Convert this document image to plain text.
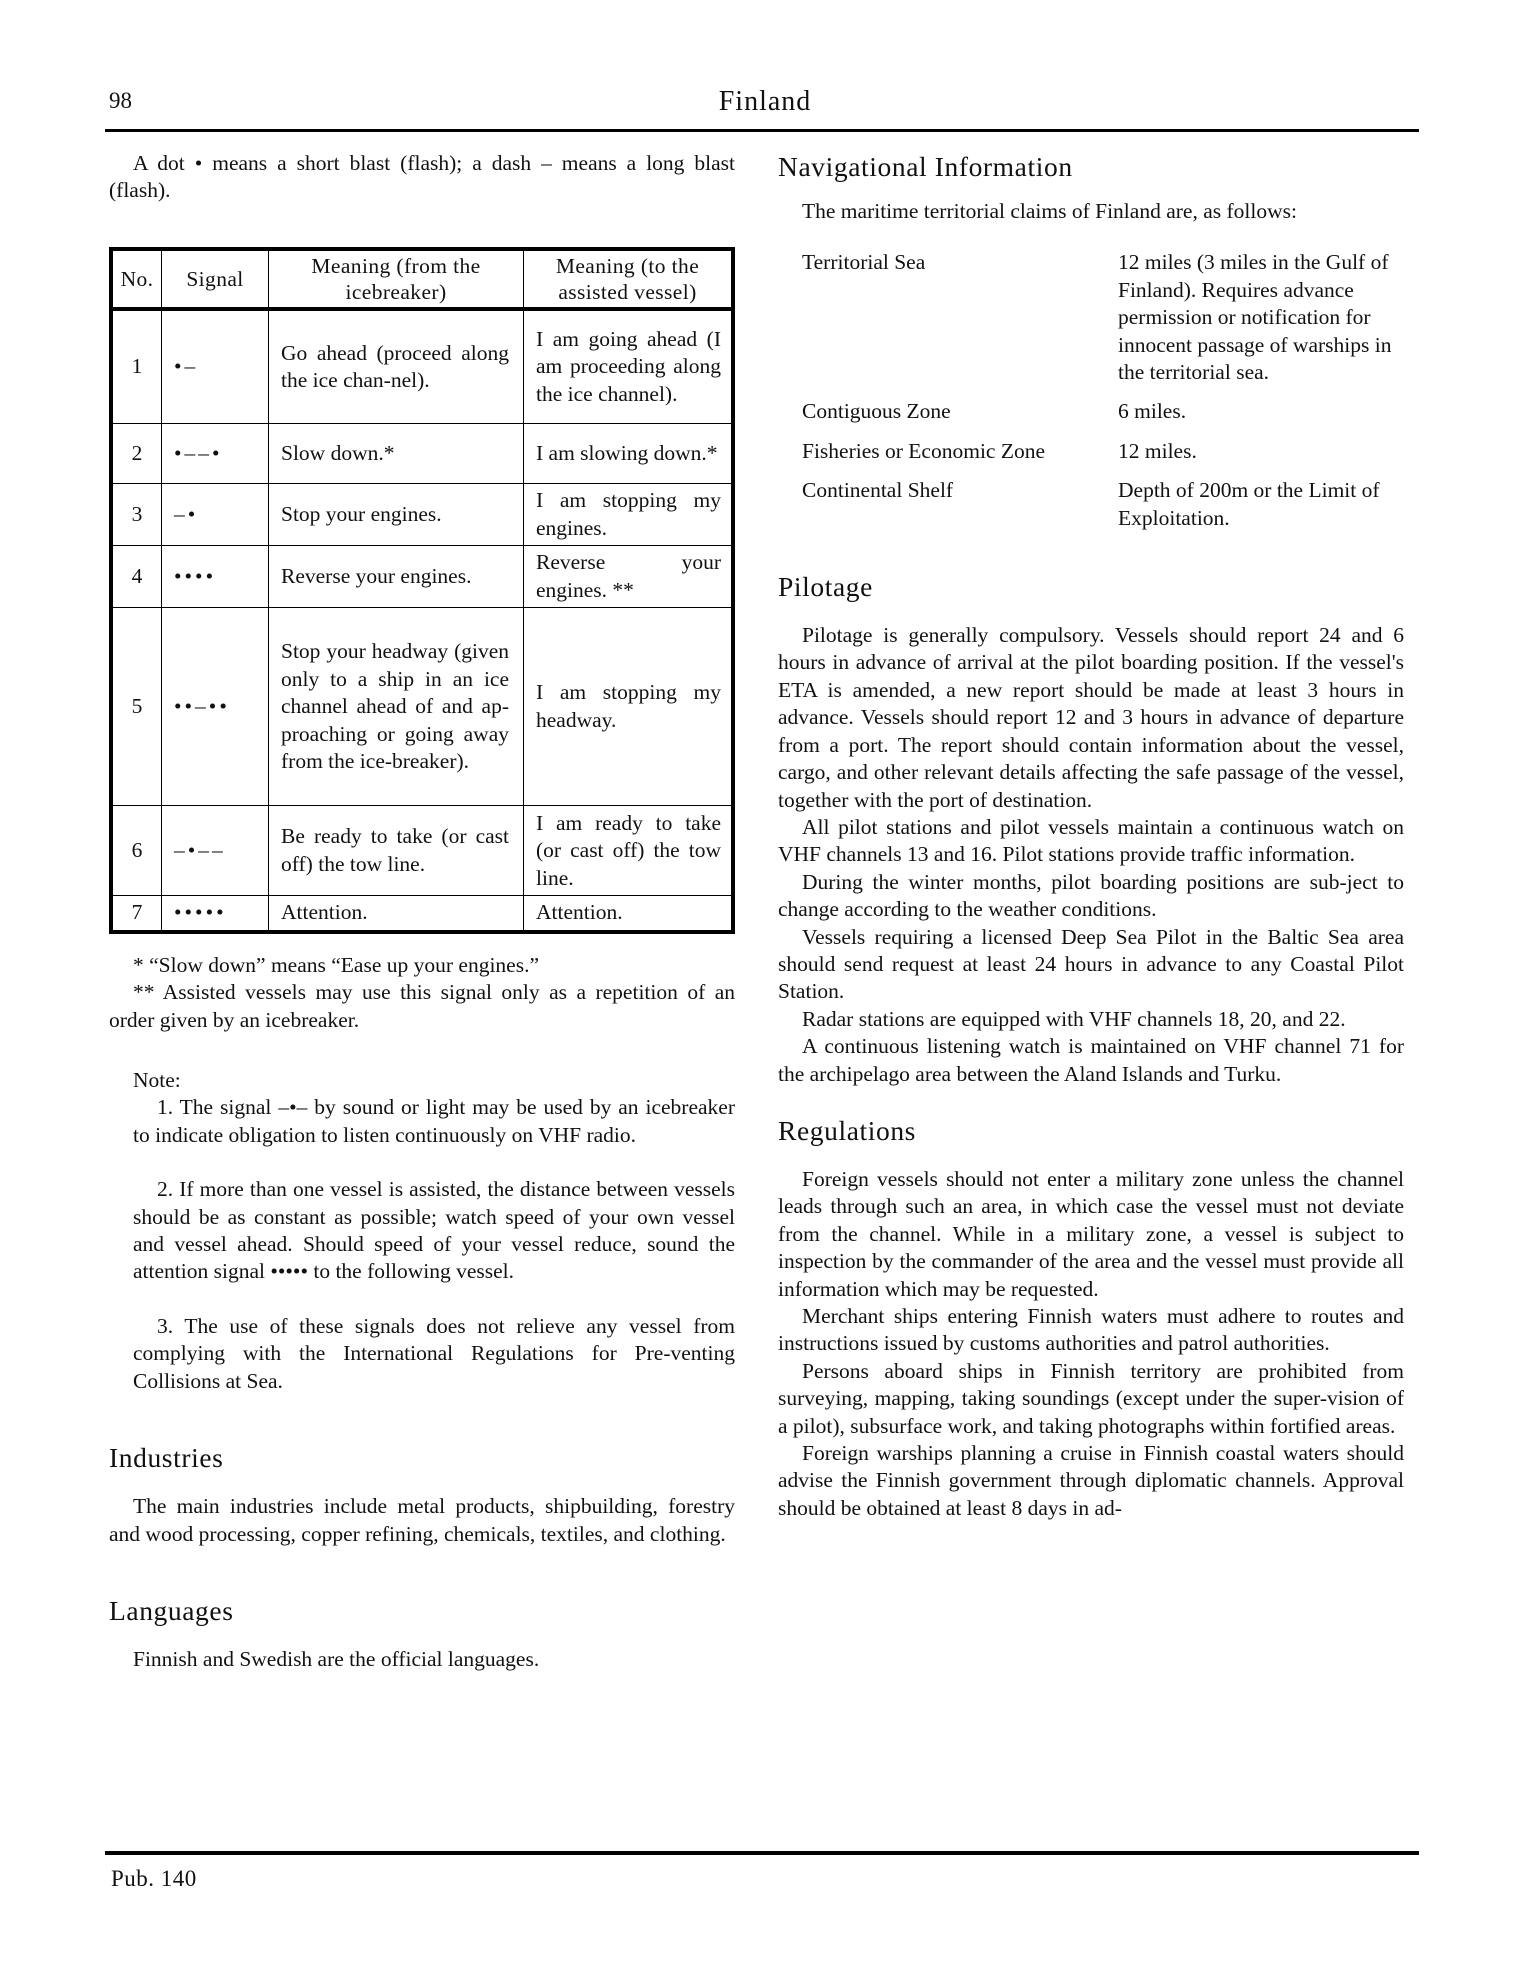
98	Finland

A dot • means a short blast (flash); a dash – means a long blast (flash).

No.	Signal	Meaning (from the icebreaker)	Meaning (to the assisted vessel)
1	•–	Go ahead (proceed along the ice chan-nel).	I am going ahead (I am proceeding along the ice channel).
2	•––•	Slow down.*	I am slowing down.*
3	–•	Stop your engines.	I am stopping my engines.
4	••••	Reverse your engines.	Reverse your engines. **
5	••–••	Stop your headway (given only to a ship in an ice channel ahead of and ap-proaching or going away from the ice-breaker).	I am stopping my headway.
6	–•––	Be ready to take (or cast off) the tow line.	I am ready to take (or cast off) the tow line.
7	•••••	Attention.	Attention.

* “Slow down” means “Ease up your engines.”

** Assisted vessels may use this signal only as a repetition of an order given by an icebreaker.

Note:

1. The signal –•– by sound or light may be used by an icebreaker to indicate obligation to listen continuously on VHF radio.

2. If more than one vessel is assisted, the distance between vessels should be as constant as possible; watch speed of your own vessel and vessel ahead. Should speed of your vessel reduce, sound the attention signal ••••• to the following vessel.

3. The use of these signals does not relieve any vessel from complying with the International Regulations for Pre-venting Collisions at Sea.

Industries

The main industries include metal products, shipbuilding, forestry and wood processing, copper refining, chemicals, textiles, and clothing.

Languages

Finnish and Swedish are the official languages.

Navigational Information

The maritime territorial claims of Finland are, as follows:

Territorial Sea	12 miles (3 miles in the Gulf of Finland). Requires advance permission or notification for innocent passage of warships in the territorial sea.
Contiguous Zone	6 miles.
Fisheries or Economic Zone	12 miles.
Continental Shelf	Depth of 200m or the Limit of Exploitation.
Pilotage

Pilotage is generally compulsory. Vessels should report 24 and 6 hours in advance of arrival at the pilot boarding position. If the vessel's ETA is amended, a new report should be made at least 3 hours in advance. Vessels should report 12 and 3 hours in advance of departure from a port. The report should contain information about the vessel, cargo, and other relevant details affecting the safe passage of the vessel, together with the port of destination.

All pilot stations and pilot vessels maintain a continuous watch on VHF channels 13 and 16. Pilot stations provide traffic information.

During the winter months, pilot boarding positions are sub-ject to change according to the weather conditions.

Vessels requiring a licensed Deep Sea Pilot in the Baltic Sea area should send request at least 24 hours in advance to any Coastal Pilot Station.

Radar stations are equipped with VHF channels 18, 20, and 22.

A continuous listening watch is maintained on VHF channel 71 for the archipelago area between the Aland Islands and Turku.

Regulations

Foreign vessels should not enter a military zone unless the channel leads through such an area, in which case the vessel must not deviate from the channel. While in a military zone, a vessel is subject to inspection by the commander of the area and the vessel must provide all information which may be requested.

Merchant ships entering Finnish waters must adhere to routes and instructions issued by customs authorities and patrol authorities.

Persons aboard ships in Finnish territory are prohibited from surveying, mapping, taking soundings (except under the super-vision of a pilot), subsurface work, and taking photographs within fortified areas.

Foreign warships planning a cruise in Finnish coastal waters should advise the Finnish government through diplomatic channels. Approval should be obtained at least 8 days in ad-

Pub. 140
